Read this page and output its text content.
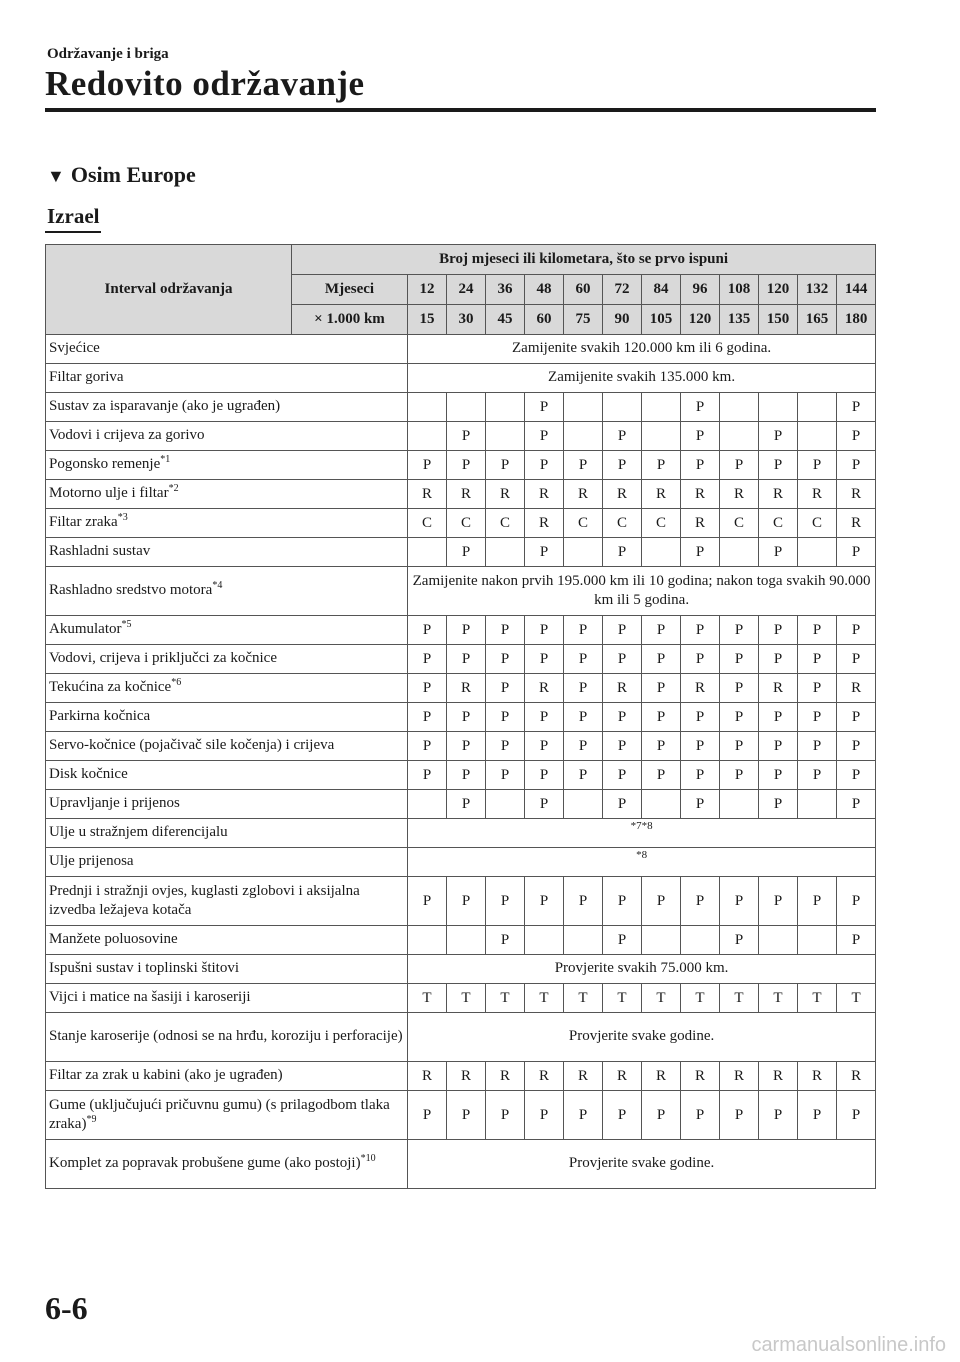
Održavanje i briga
Redovito održavanje
▼ Osim Europe
Izrael
Interval održavanja	Broj mjeseci ili kilometara, što se prvo ispuni												
	Mjeseci	12	24	36	48	60	72	84	96	108	120	132	144
	× 1.000 km	15	30	45	60	75	90	105	120	135	150	165	180
Svjećice		Zamijenite svakih 120.000 km ili 6 godina.											
Filtar goriva		Zamijenite svakih 135.000 km.											
Sustav za isparavanje (ako je ugrađen)					P				P				P
Vodovi i crijeva za gorivo			P		P		P		P		P		P
Pogonsko remenje$^{*1}$		P	P	P	P	P	P	P	P	P	P	P	P
Motorno ulje i filtar$^{*2}$		R	R	R	R	R	R	R	R	R	R	R	R
Filtar zraka$^{*3}$		C	C	C	R	C	C	C	R	C	C	C	R
Rashladni sustav			P		P		P		P		P		P
Rashladno sredstvo motora$^{*4}$		Zamijenite nakon prvih 195.000 km ili 10 godina; nakon toga svakih 90.000 km ili 5 godina.											
Akumulator$^{*5}$		P	P	P	P	P	P	P	P	P	P	P	P
Vodovi, crijeva i priključci za kočnice		P	P	P	P	P	P	P	P	P	P	P	P
Tekućina za kočnice$^{*6}$		P	R	P	R	P	R	P	R	P	R	P	R
Parkirna kočnica		P	P	P	P	P	P	P	P	P	P	P	P
Servo-kočnice (pojačivač sile kočenja) i crijeva		P	P	P	P	P	P	P	P	P	P	P	P
Disk kočnice		P	P	P	P	P	P	P	P	P	P	P	P
Upravljanje i prijenos			P		P		P		P		P		P
Ulje u stražnjem diferencijalu		*7*8											
Ulje prijenosa		*8											
Prednji i stražnji ovjes, kuglasti zglobovi i aksijalna izvedba ležajeva kotača		P	P	P	P	P	P	P	P	P	P	P	P
Manžete poluosovine				P			P			P			P
Ispušni sustav i toplinski štitovi		Provjerite svakih 75.000 km.											
Vijci i matice na šasiji i karoseriji		T	T	T	T	T	T	T	T	T	T	T	T
Stanje karoserije (odnosi se na hrđu, koroziju i perforacije)		Provjerite svake godine.											
Filtar za zrak u kabini (ako je ugrađen)		R	R	R	R	R	R	R	R	R	R	R	R
Gume (uključujući pričuvnu gumu) (s prilagodbom tlaka zraka)$^{*9}$		P	P	P	P	P	P	P	P	P	P	P	P
Komplet za popravak probušene gume (ako postoji)$^{*10}$		Provjerite svake godine.											
6-6
carmanualsonline.info
